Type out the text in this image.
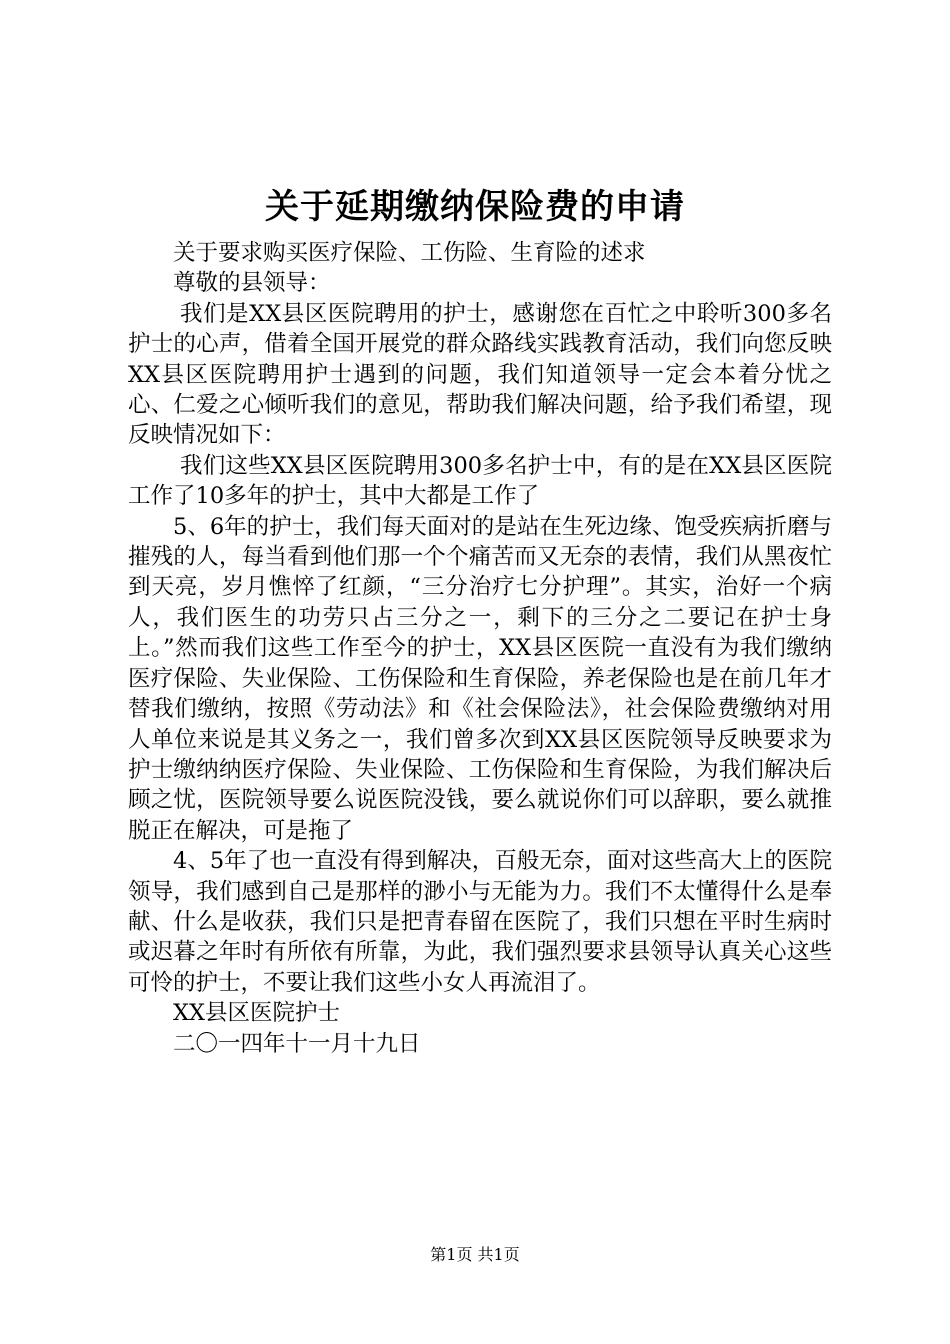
关于延期缴纳保险费的申请

关于要求购买医疗保险、工伤险、生育险的述求

尊敬的县领导：

我们是XX县区医院聘用的护士，感谢您在百忙之中聆听300多名护士的心声，借着全国开展党的群众路线实践教育活动，我们向您反映XX县区医院聘用护士遇到的问题，我们知道领导一定会本着分忧之心、仁爱之心倾听我们的意见，帮助我们解决问题，给予我们希望，现反映情况如下：

我们这些XX县区医院聘用300多名护士中，有的是在XX县区医院工作了10多年的护士，其中大都是工作了

5、6年的护士，我们每天面对的是站在生死边缘、饱受疾病折磨与摧残的人，每当看到他们那一个个痛苦而又无奈的表情，我们从黑夜忙到天亮，岁月憔悴了红颜，“三分治疗七分护理”。其实，治好一个病人，我们医生的功劳只占三分之一，剩下的三分之二要记在护士身上。”然而我们这些工作至今的护士，XX县区医院一直没有为我们缴纳医疗保险、失业保险、工伤保险和生育保险，养老保险也是在前几年才替我们缴纳，按照《劳动法》和《社会保险法》，社会保险费缴纳对用人单位来说是其义务之一，我们曾多次到XX县区医院领导反映要求为护士缴纳纳医疗保险、失业保险、工伤保险和生育保险，为我们解决后顾之忧，医院领导要么说医院没钱，要么就说你们可以辞职，要么就推脱正在解决，可是拖了

4、5年了也一直没有得到解决，百般无奈，面对这些高大上的医院领导，我们感到自己是那样的渺小与无能为力。我们不太懂得什么是奉献、什么是收获，我们只是把青春留在医院了，我们只想在平时生病时或迟暮之年时有所依有所靠，为此，我们强烈要求县领导认真关心这些可怜的护士，不要让我们这些小女人再流泪了。

XX县区医院护士

二〇一四年十一月十九日

第1页 共1页
